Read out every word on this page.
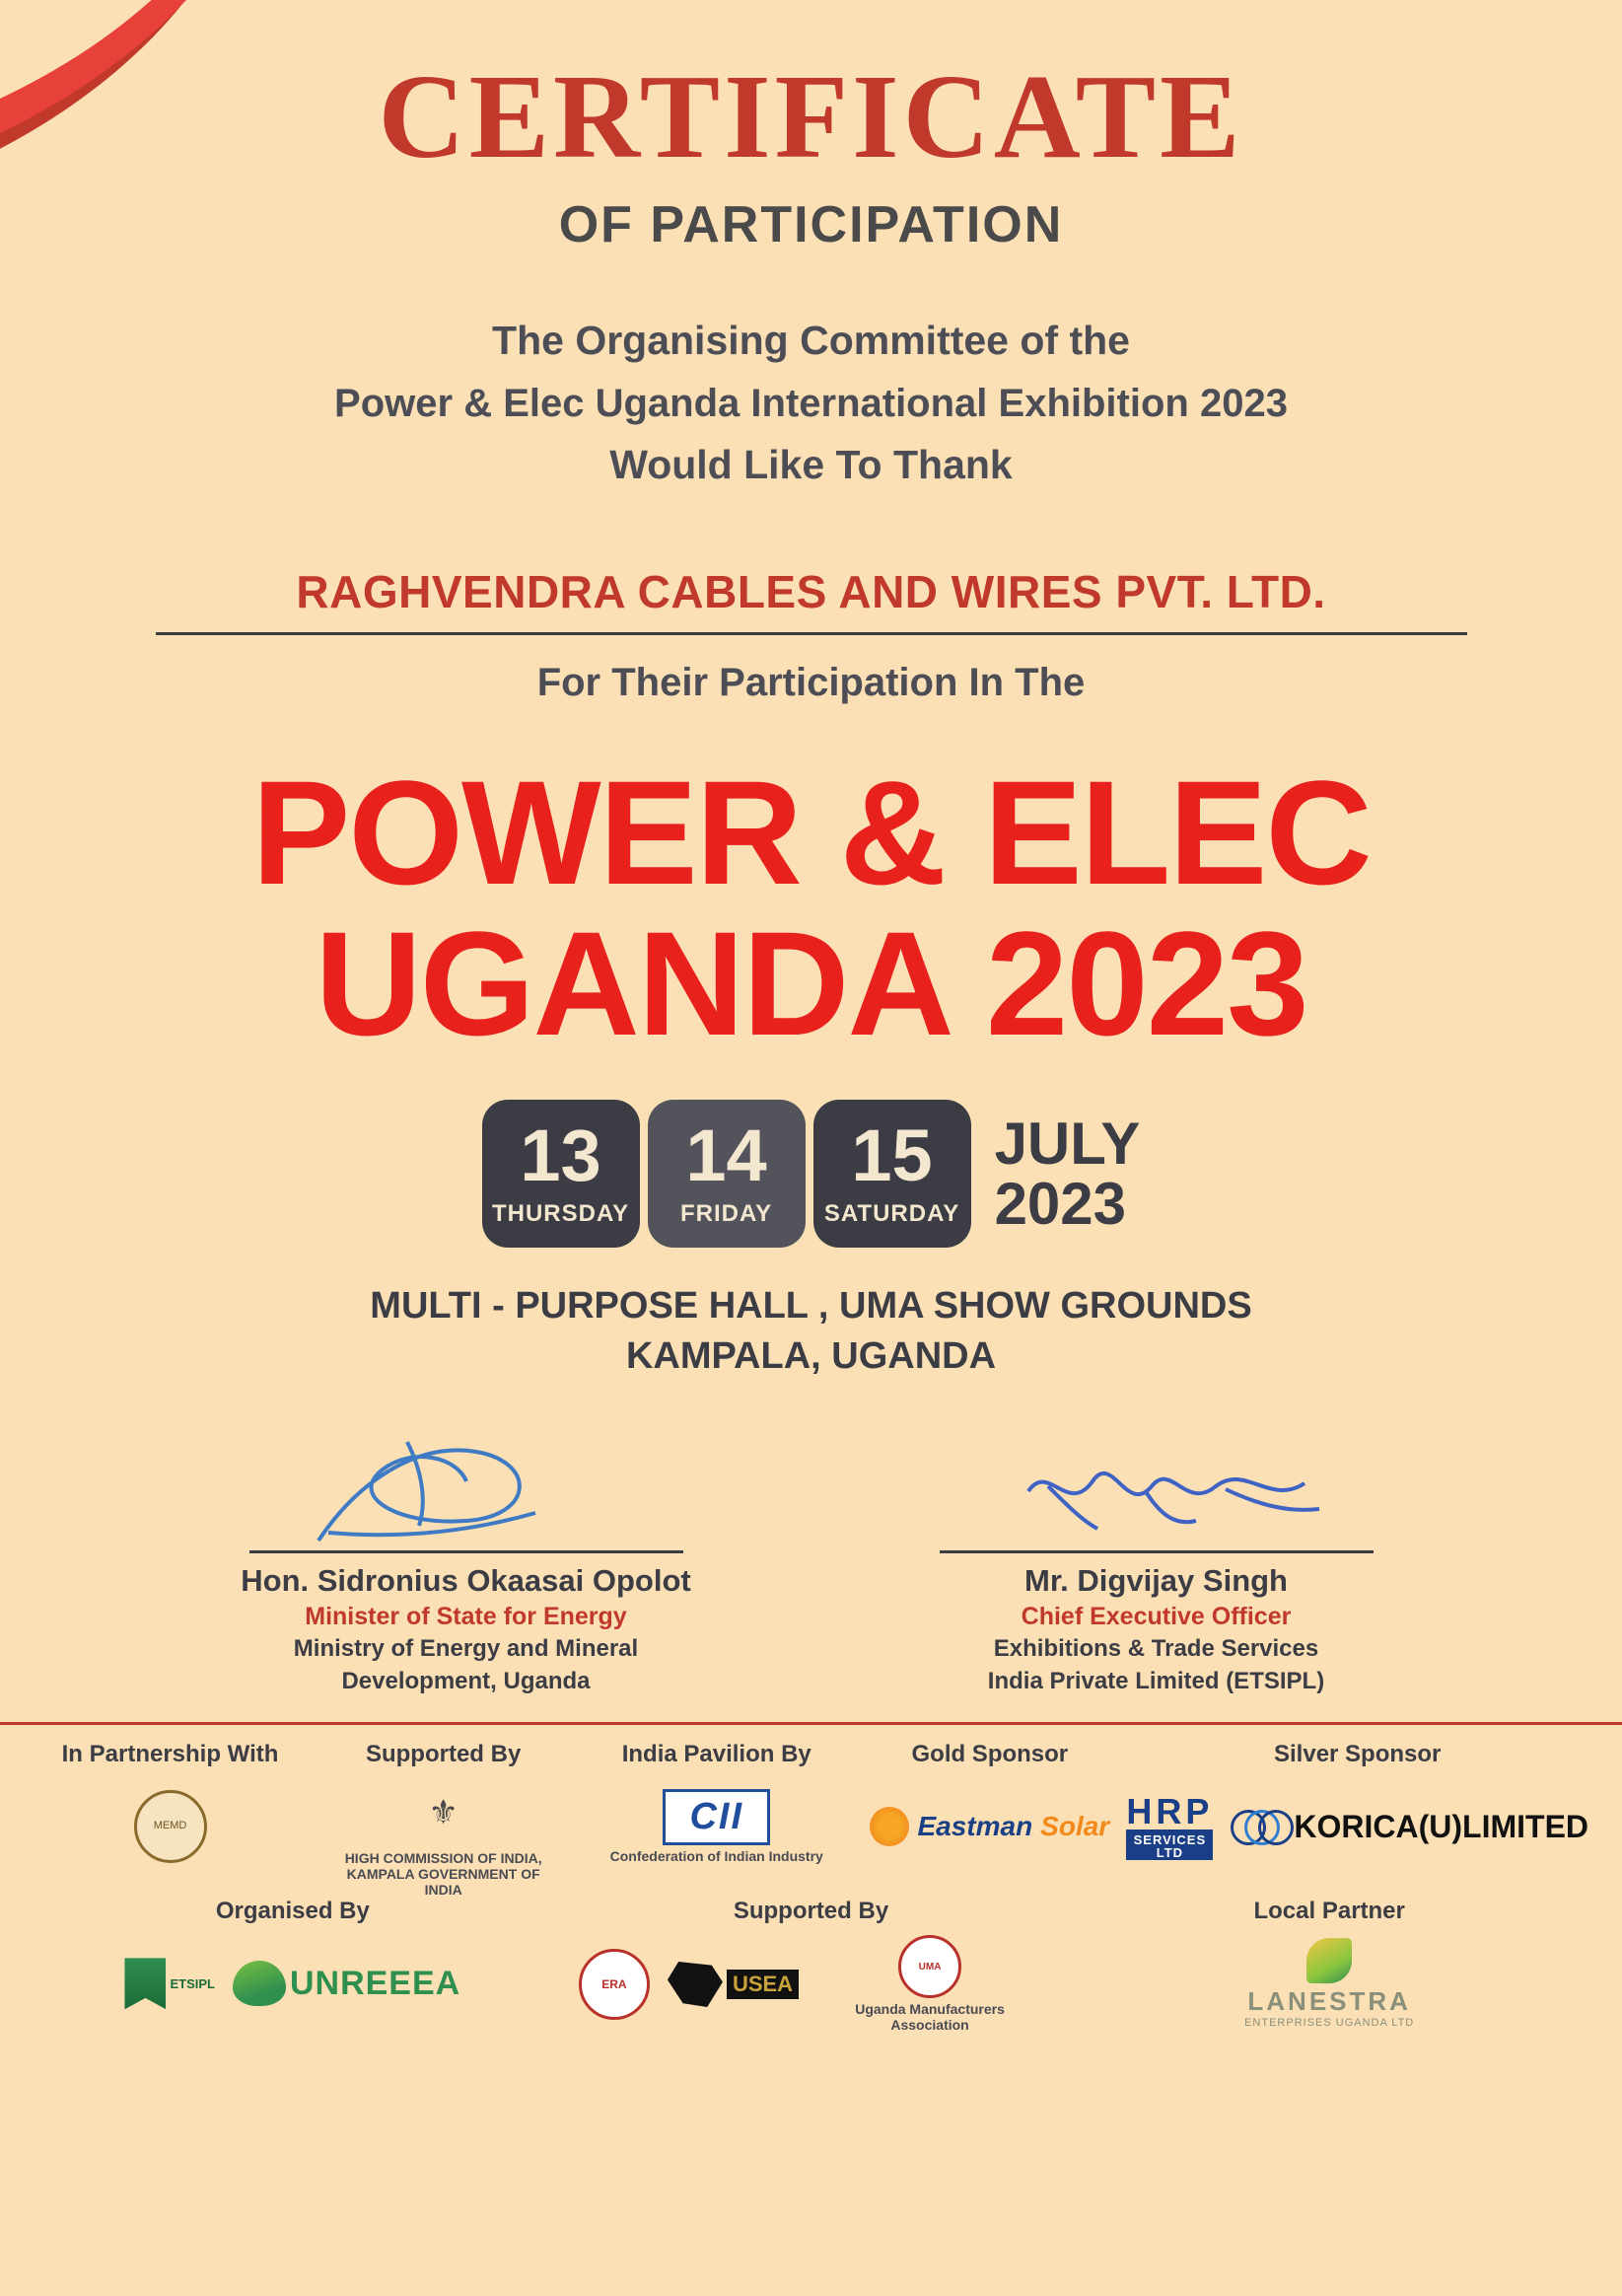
CERTIFICATE
OF PARTICIPATION
The Organising Committee of the
Power & Elec Uganda International Exhibition 2023
Would Like To Thank
RAGHVENDRA CABLES AND WIRES PVT. LTD.
For Their Participation In The
POWER & ELEC
UGANDA 2023
13
THURSDAY
14
FRIDAY
15
SATURDAY
JULY
2023
MULTI - PURPOSE HALL , UMA SHOW GROUNDS
KAMPALA, UGANDA
Hon. Sidronius Okaasai Opolot
Minister of State for Energy
Ministry of Energy and Mineral
Development, Uganda
Mr. Digvijay Singh
Chief Executive Officer
Exhibitions & Trade Services
India Private Limited (ETSIPL)
In Partnership With
MEMD
Supported By
⚜
HIGH COMMISSION OF INDIA, KAMPALA GOVERNMENT OF INDIA
India Pavilion By
CII
Confederation of Indian Industry
Gold Sponsor
Eastman Solar
Silver Sponsor
HRP
SERVICES LTD
KORICA(U)LIMITED
Organised By
ETSIPL UNREEEA
Supported By
ERA	USEA
UMA
Uganda Manufacturers Association
Local Partner
LANESTRA
ENTERPRISES UGANDA LTD
